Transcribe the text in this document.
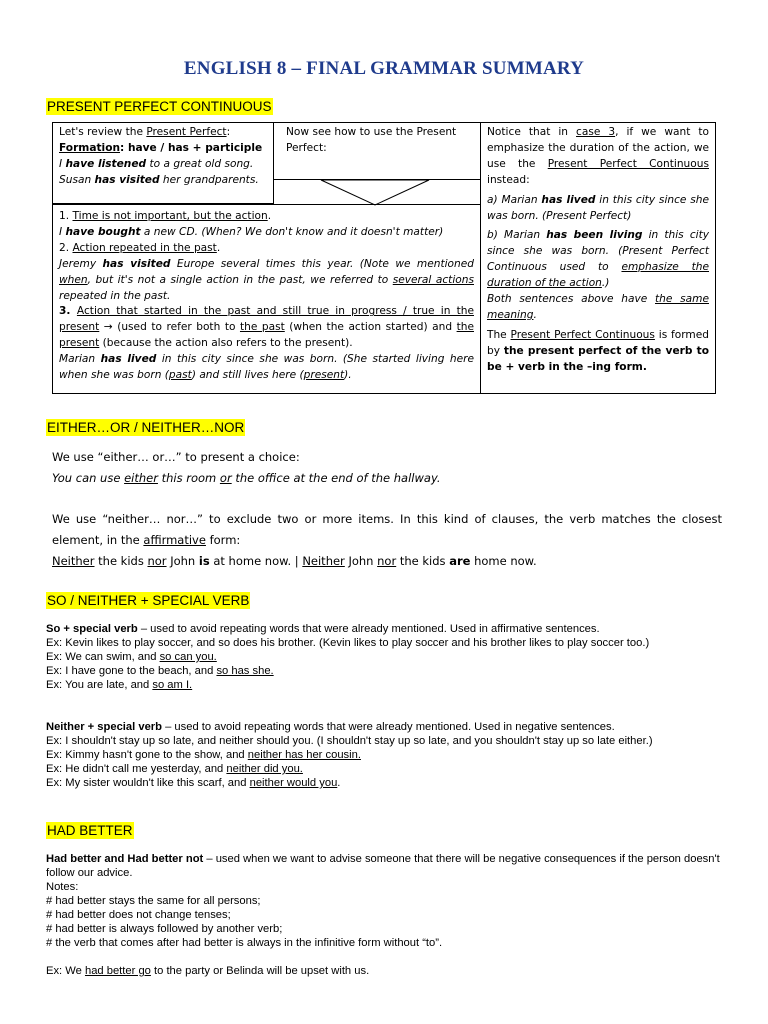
ENGLISH 8 – FINAL GRAMMAR SUMMARY
PRESENT PERFECT CONTINUOUS
Let's review the Present Perfect:
Formation: have / has + participle
I have listened to a great old song.
Susan has visited her grandparents.
Now see how to use the Present Perfect:
1. Time is not important, but the action.
I have bought a new CD. (When? We don't know and it doesn't matter)
2. Action repeated in the past.
Jeremy has visited Europe several times this year. (Note we mentioned when, but it's not a single action in the past, we referred to several actions repeated in the past.
3. Action that started in the past and still true in progress / true in the present → (used to refer both to the past (when the action started) and the present (because the action also refers to the present).
Marian has lived in this city since she was born. (She started living here when she was born (past) and still lives here (present).
Notice that in case 3, if we want to emphasize the duration of the action, we use the Present Perfect Continuous instead:
a) Marian has lived in this city since she was born. (Present Perfect)
b) Marian has been living in this city since she was born. (Present Perfect Continuous used to emphasize the duration of the action.)
Both sentences above have the same meaning.
The Present Perfect Continuous is formed by the present perfect of the verb to be + verb in the –ing form.
EITHER…OR / NEITHER…NOR
We use “either… or…” to present a choice:
You can use either this room or the office at the end of the hallway.
We use “neither… nor…” to exclude two or more items. In this kind of clauses, the verb matches the closest element, in the affirmative form:
Neither the kids nor John is at home now. | Neither John nor the kids are home now.
SO / NEITHER + SPECIAL VERB
So + special verb – used to avoid repeating words that were already mentioned. Used in affirmative sentences.
Ex: Kevin likes to play soccer, and so does his brother. (Kevin likes to play soccer and his brother likes to play soccer too.)
Ex: We can swim, and so can you.
Ex: I have gone to the beach, and so has she.
Ex: You are late, and so am I.
Neither + special verb – used to avoid repeating words that were already mentioned. Used in negative sentences.
Ex: I shouldn't stay up so late, and neither should you. (I shouldn't stay up so late, and you shouldn't stay up so late either.)
Ex: Kimmy hasn't gone to the show, and neither has her cousin.
Ex: He didn't call me yesterday, and neither did you.
Ex: My sister wouldn't like this scarf, and neither would you.
HAD BETTER
Had better and Had better not – used when we want to advise someone that there will be negative consequences if the person doesn't follow our advice.
Notes:
# had better stays the same for all persons;
# had better does not change tenses;
# had better is always followed by another verb;
# the verb that comes after had better is always in the infinitive form without “to”.
Ex: We had better go to the party or Belinda will be upset with us.
